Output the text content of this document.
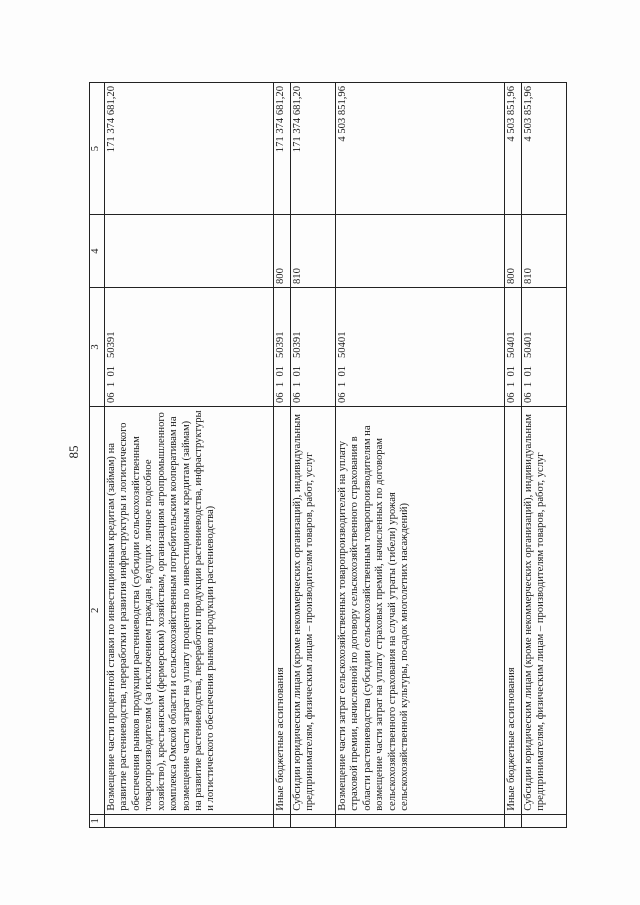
85
1	2	3	4	5
	Возмещение части процентной ставки по инвестиционным кредитам (займам) на развитие растениеводства, переработки и развития инфраструктуры и логистического обеспечения рынков продукции растениеводства (субсидии сельскохозяйственным товаропроизводителям (за исключением граждан, ведущих личное подсобное хозяйство), крестьянским (фермерским) хозяйствам, организациям агропромышленного комплекса Омской области и сельскохозяйственным потребительским кооперативам на возмещение части затрат на уплату процентов по инвестиционным кредитам (займам) на развитие растениеводства, переработки продукции растениеводства, инфраструктуры и логистического обеспечения рынков продукции растениеводства)	06  1  01   50391		171 374 681,20
	Иные бюджетные ассигнования	06  1  01   50391	800	171 374 681,20
	Субсидии юридическим лицам (кроме некоммерческих организаций), индивидуальным предпринимателям, физическим лицам – производителям товаров, работ, услуг	06  1  01   50391	810	171 374 681,20
	Возмещение части затрат сельскохозяйственных товаропроизводителей на уплату страховой премии, начисленной по договору сельскохозяйственного страхования в области растениеводства (субсидии сельскохозяйственным товаропроизводителям на возмещение части затрат на уплату страховых премий, начисленных по договорам сельскохозяйственного страхования на случай утраты (гибели) урожая сельскохозяйственной культуры, посадок многолетних насаждений)	06  1  01   50401		4 503 851,96
	Иные бюджетные ассигнования	06  1  01   50401	800	4 503 851,96
	Субсидии юридическим лицам (кроме некоммерческих организаций), индивидуальным предпринимателям, физическим лицам – производителям товаров, работ, услуг	06  1  01   50401	810	4 503 851,96
